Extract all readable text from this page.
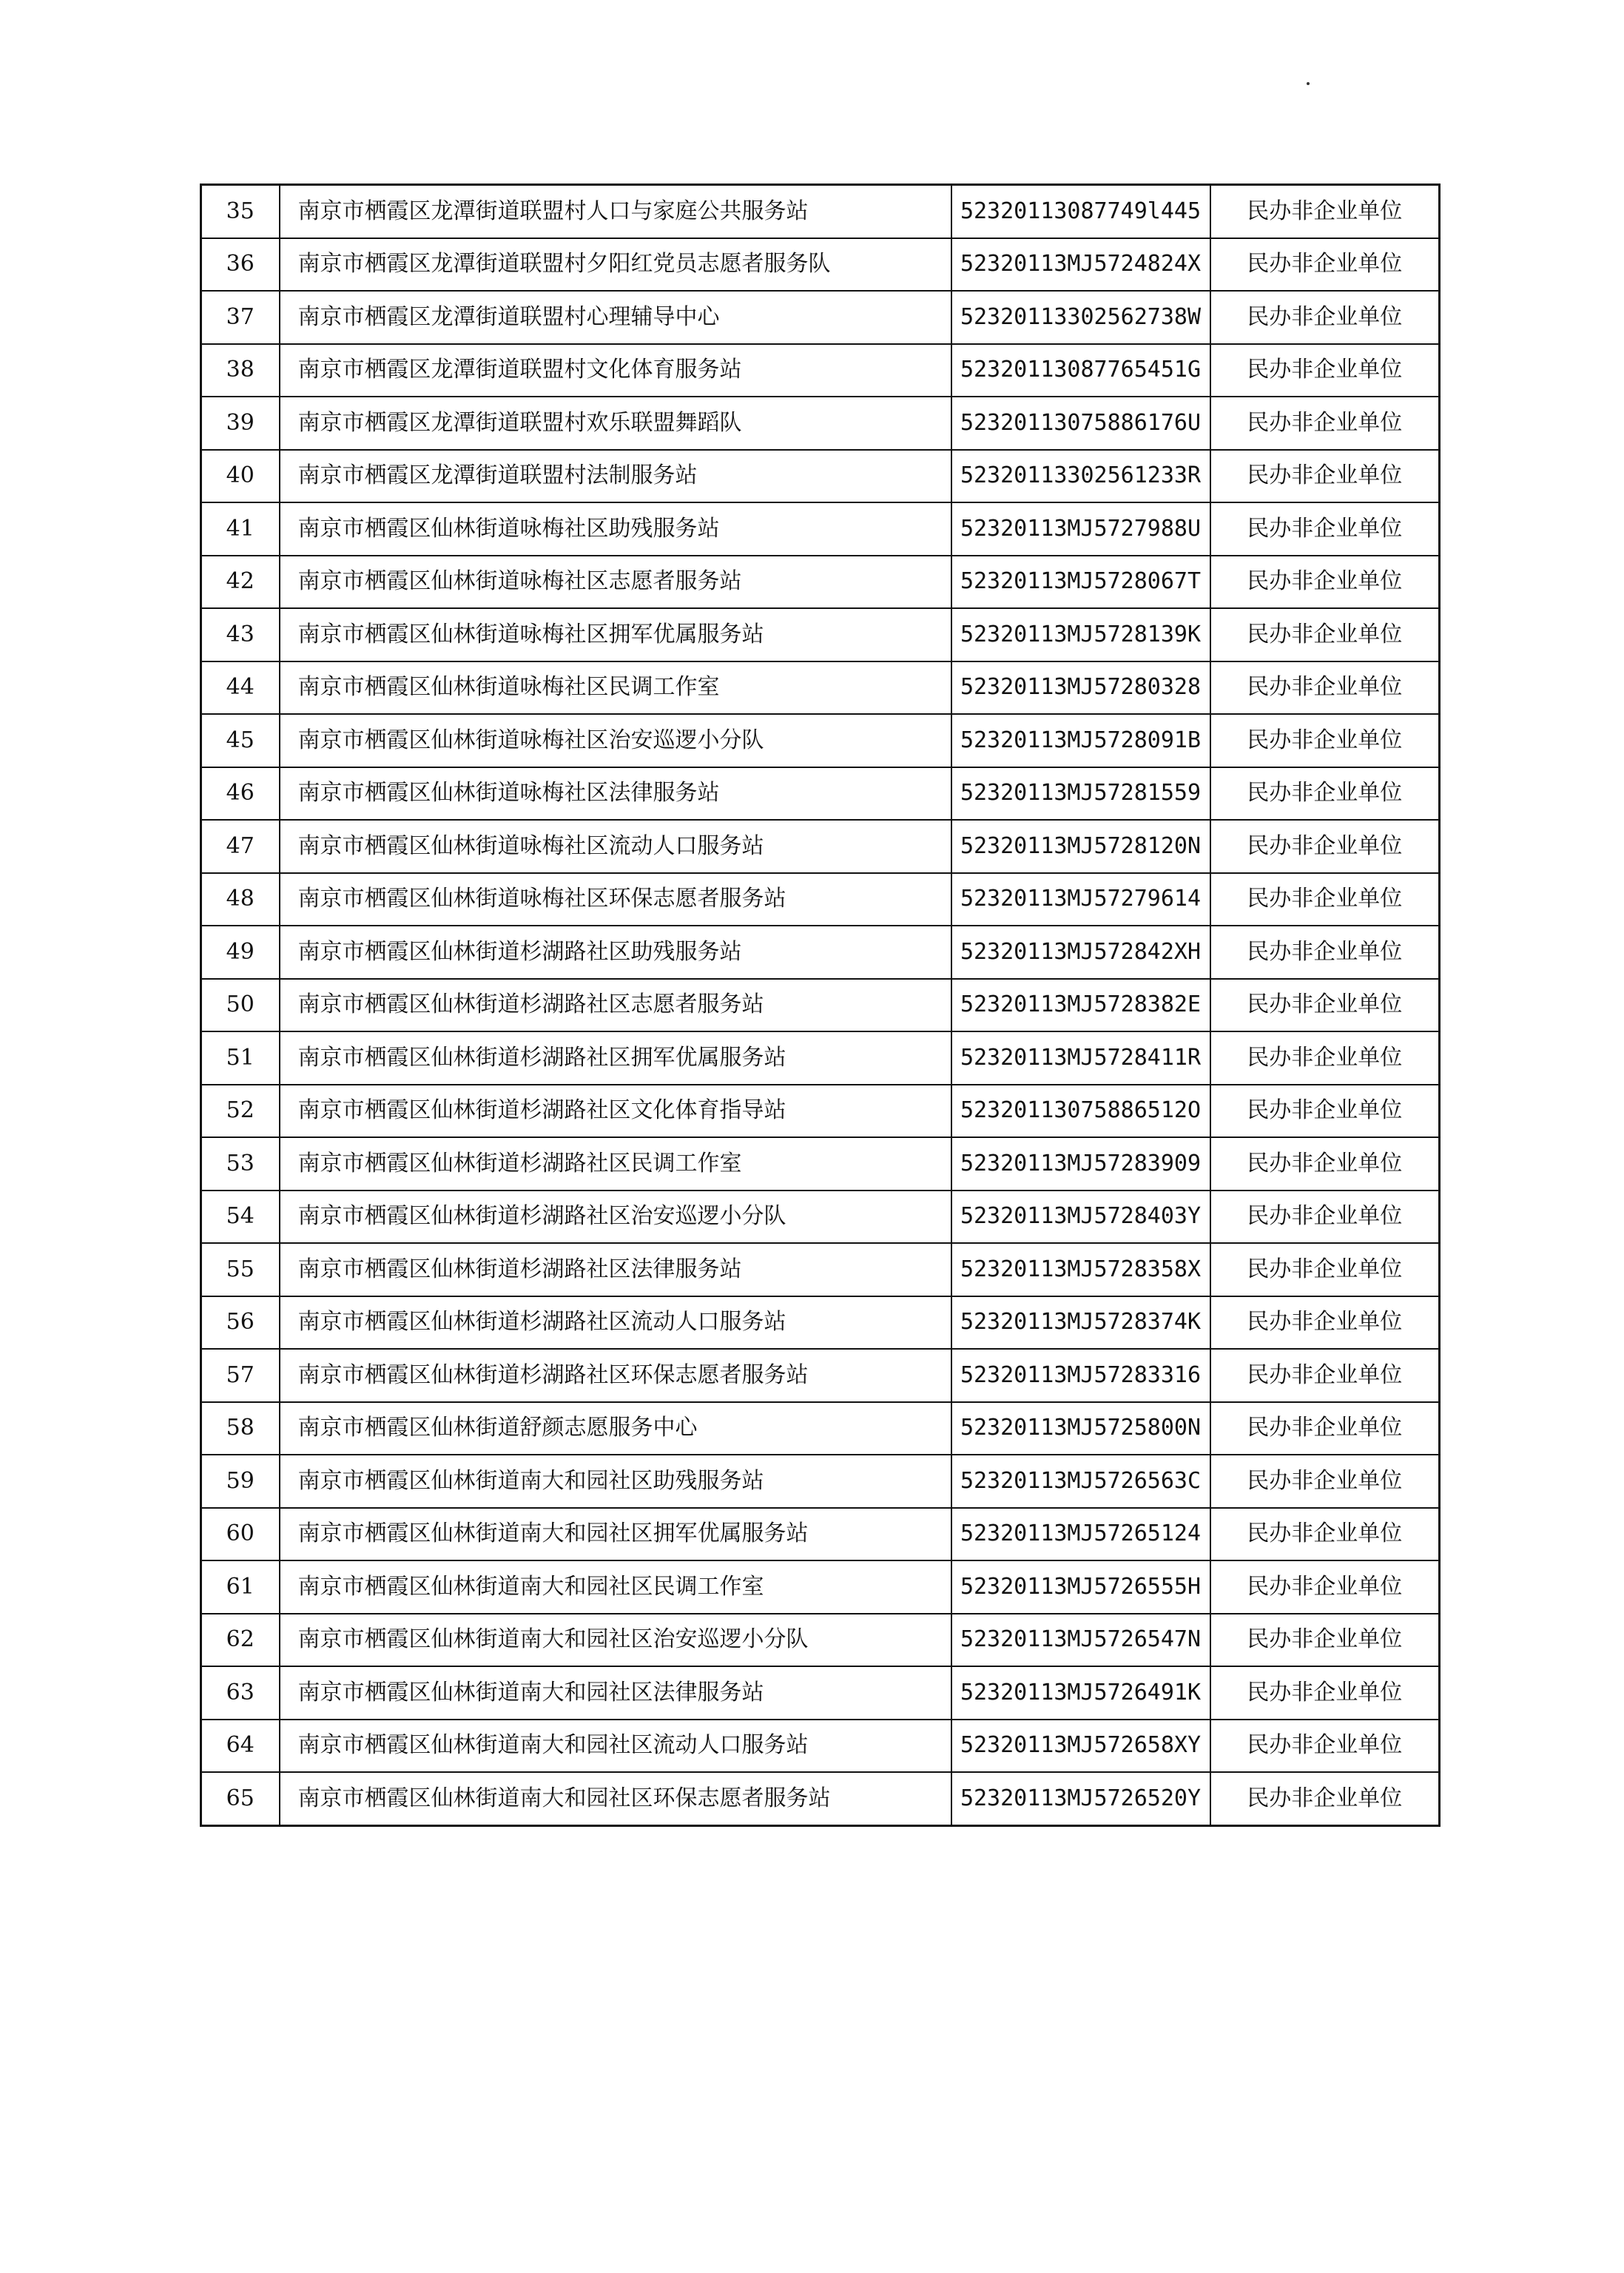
35	南京市栖霞区龙潭街道联盟村人口与家庭公共服务站	52320113087749l445	民办非企业单位
36	南京市栖霞区龙潭街道联盟村夕阳红党员志愿者服务队	52320113MJ5724824X	民办非企业单位
37	南京市栖霞区龙潭街道联盟村心理辅导中心	52320113302562738W	民办非企业单位
38	南京市栖霞区龙潭街道联盟村文化体育服务站	52320113087765451G	民办非企业单位
39	南京市栖霞区龙潭街道联盟村欢乐联盟舞蹈队	52320113075886176U	民办非企业单位
40	南京市栖霞区龙潭街道联盟村法制服务站	52320113302561233R	民办非企业单位
41	南京市栖霞区仙林街道咏梅社区助残服务站	52320113MJ5727988U	民办非企业单位
42	南京市栖霞区仙林街道咏梅社区志愿者服务站	52320113MJ5728067T	民办非企业单位
43	南京市栖霞区仙林街道咏梅社区拥军优属服务站	52320113MJ5728139K	民办非企业单位
44	南京市栖霞区仙林街道咏梅社区民调工作室	52320113MJ57280328	民办非企业单位
45	南京市栖霞区仙林街道咏梅社区治安巡逻小分队	52320113MJ5728091B	民办非企业单位
46	南京市栖霞区仙林街道咏梅社区法律服务站	52320113MJ57281559	民办非企业单位
47	南京市栖霞区仙林街道咏梅社区流动人口服务站	52320113MJ5728120N	民办非企业单位
48	南京市栖霞区仙林街道咏梅社区环保志愿者服务站	52320113MJ57279614	民办非企业单位
49	南京市栖霞区仙林街道杉湖路社区助残服务站	52320113MJ572842XH	民办非企业单位
50	南京市栖霞区仙林街道杉湖路社区志愿者服务站	52320113MJ5728382E	民办非企业单位
51	南京市栖霞区仙林街道杉湖路社区拥军优属服务站	52320113MJ5728411R	民办非企业单位
52	南京市栖霞区仙林街道杉湖路社区文化体育指导站	52320113075886512O	民办非企业单位
53	南京市栖霞区仙林街道杉湖路社区民调工作室	52320113MJ57283909	民办非企业单位
54	南京市栖霞区仙林街道杉湖路社区治安巡逻小分队	52320113MJ5728403Y	民办非企业单位
55	南京市栖霞区仙林街道杉湖路社区法律服务站	52320113MJ5728358X	民办非企业单位
56	南京市栖霞区仙林街道杉湖路社区流动人口服务站	52320113MJ5728374K	民办非企业单位
57	南京市栖霞区仙林街道杉湖路社区环保志愿者服务站	52320113MJ57283316	民办非企业单位
58	南京市栖霞区仙林街道舒颜志愿服务中心	52320113MJ5725800N	民办非企业单位
59	南京市栖霞区仙林街道南大和园社区助残服务站	52320113MJ5726563C	民办非企业单位
60	南京市栖霞区仙林街道南大和园社区拥军优属服务站	52320113MJ57265124	民办非企业单位
61	南京市栖霞区仙林街道南大和园社区民调工作室	52320113MJ5726555H	民办非企业单位
62	南京市栖霞区仙林街道南大和园社区治安巡逻小分队	52320113MJ5726547N	民办非企业单位
63	南京市栖霞区仙林街道南大和园社区法律服务站	52320113MJ5726491K	民办非企业单位
64	南京市栖霞区仙林街道南大和园社区流动人口服务站	52320113MJ572658XY	民办非企业单位
65	南京市栖霞区仙林街道南大和园社区环保志愿者服务站	52320113MJ5726520Y	民办非企业单位
